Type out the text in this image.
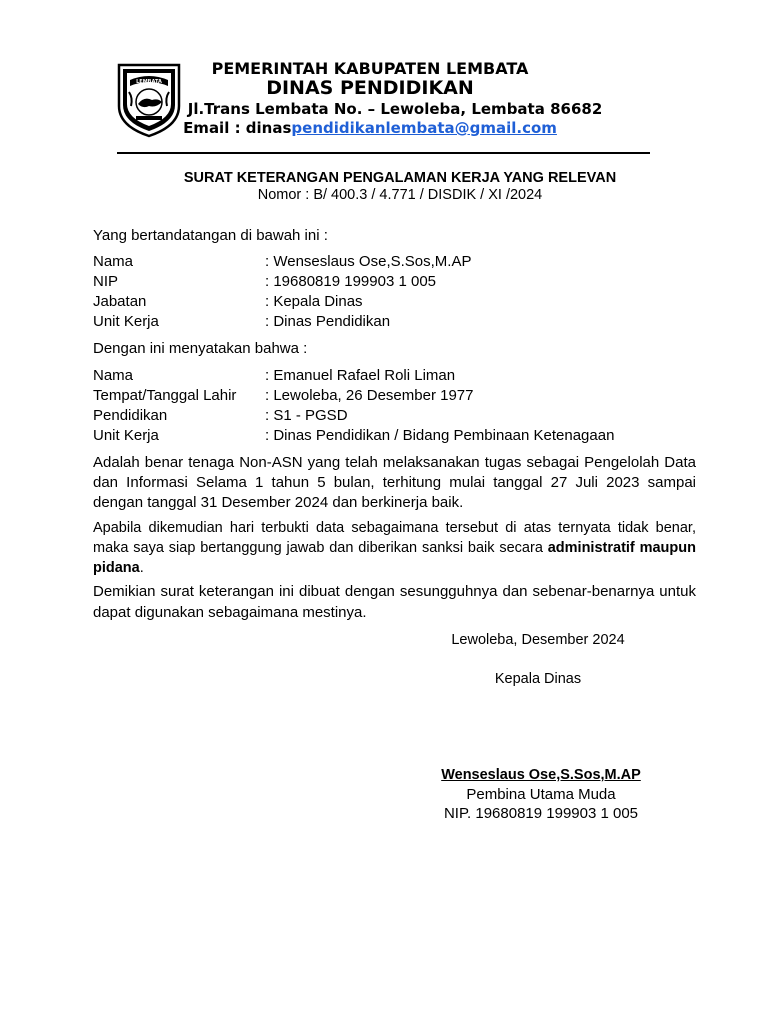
LEMBATA
PEMERINTAH KABUPATEN LEMBATA
DINAS PENDIDIKAN
Jl.Trans Lembata No. – Lewoleba, Lembata 86682
Email : dinaspendidikanlembata@gmail.com
SURAT KETERANGAN PENGALAMAN KERJA YANG RELEVAN
Nomor : B/ 400.3 / 4.771 / DISDIK / XI /2024
Yang bertandatangan di bawah ini :
Nama	: Wenseslaus Ose,S.Sos,M.AP
NIP	: 19680819 199903 1 005
Jabatan	: Kepala Dinas
Unit Kerja	: Dinas Pendidikan
Dengan ini menyatakan bahwa :
Nama	: Emanuel Rafael Roli Liman
Tempat/Tanggal Lahir : Lewoleba, 26 Desember 1977
Pendidikan	: S1 - PGSD
Unit Kerja	: Dinas Pendidikan / Bidang Pembinaan Ketenagaan
Adalah benar tenaga Non-ASN yang telah melaksanakan tugas sebagai Pengelolah Data dan Informasi Selama 1 tahun 5 bulan, terhitung mulai tanggal 27 Juli 2023 sampai dengan tanggal 31 Desember 2024 dan berkinerja baik.
Apabila dikemudian hari terbukti data sebagaimana tersebut di atas ternyata tidak benar, maka saya siap bertanggung jawab dan diberikan sanksi baik secara administratif maupun pidana.
Demikian surat keterangan ini dibuat dengan sesungguhnya dan sebenar-benarnya untuk dapat digunakan sebagaimana mestinya.
Lewoleba, Desember 2024
Kepala Dinas
Wenseslaus Ose,S.Sos,M.AP
Pembina Utama Muda
NIP. 19680819 199903 1 005
